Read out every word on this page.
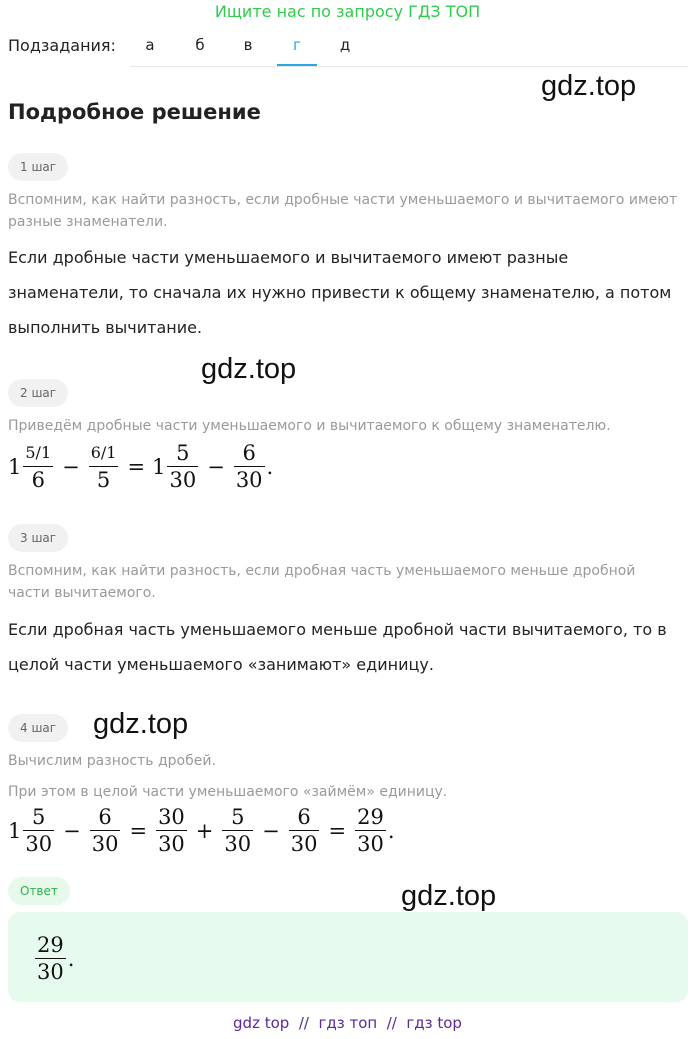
Ищите нас по запросу ГДЗ ТОП
Подзадания:	а	б	в	г	д
gdz.top
gdz.top
gdz.top
gdz.top
Подробное решение
1 шаг
Вспомним, как найти разность, если дробные части уменьшаемого и вычитаемого имеют разные знаменатели.
Если дробные части уменьшаемого и вычитаемого имеют разные знаменатели, то сначала их нужно привести к общему знаменателю, а потом выполнить вычитание.
2 шаг
Приведём дробные части уменьшаемого и вычитаемого к общему знаменателю.
$1 \frac{5/1}{6} - \frac{6/1}{5} = 1 \frac{5}{30} - \frac{6}{30}$ .
3 шаг
Вспомним, как найти разность, если дробная часть уменьшаемого меньше дробной части вычитаемого.
Если дробная часть уменьшаемого меньше дробной части вычитаемого, то в целой части уменьшаемого «занимают» единицу.
4 шаг
Вычислим разность дробей.
При этом в целой части уменьшаемого «займём» единицу.
$1 \frac{5}{30} - \frac{6}{30} = \frac{30}{30} + \frac{5}{30} - \frac{6}{30} = \frac{29}{30}$ .
Ответ
$\frac{29}{30}$ .
gdz top  //  гдз топ  //  гдз top
